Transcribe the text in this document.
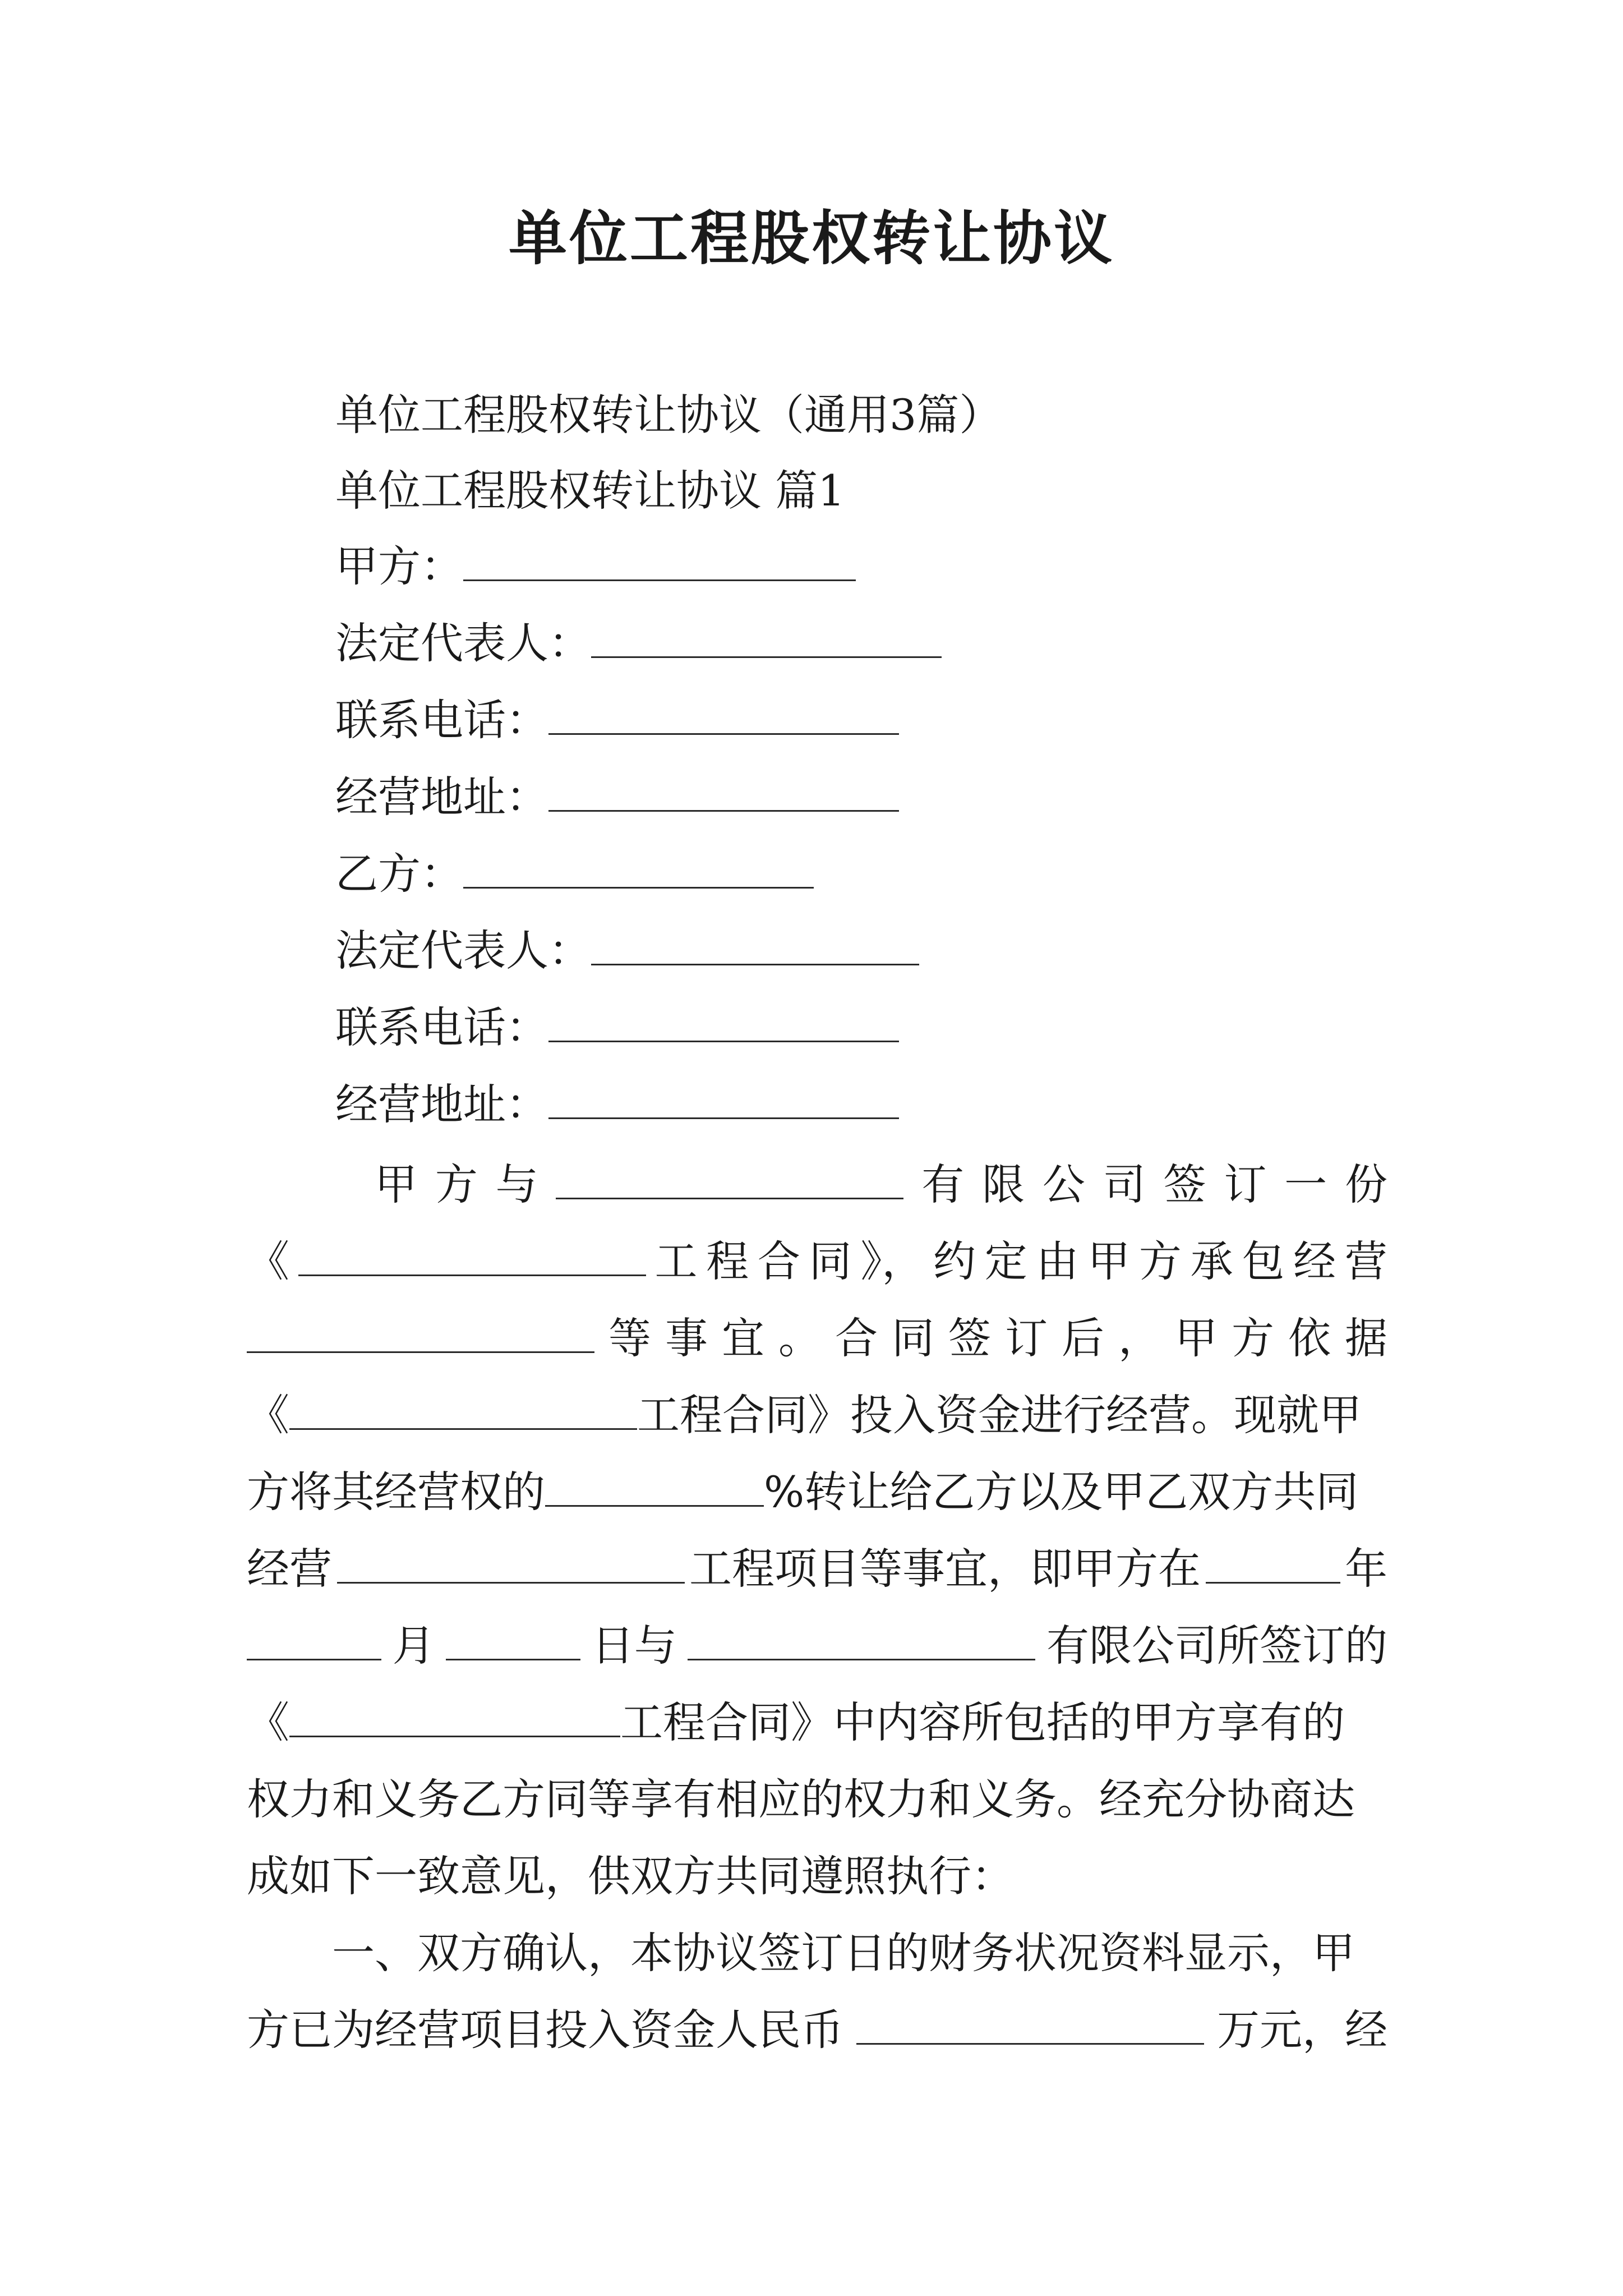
单位工程股权转让协议
单位工程股权转让协议（通用3篇）
单位工程股权转让协议 篇1
甲方：
法定代表人：
联系电话：
经营地址：
乙方：
法定代表人：
联系电话：
经营地址：
甲 方 与	有 限 公 司 签 订 一 份
《	工 程 合 同 》， 约 定 由 甲 方 承 包 经 营
等 事 宜 。 合 同 签 订 后 ， 甲 方 依 据
《	工程合同》投入资金进行经营。现就甲
方将其经营权的	%转让给乙方以及甲乙双方共同
经营	工程项目等事宜，即甲方在	年
月	日与	有限公司所签订的
《	工程合同》中内容所包括的甲方享有的
权力和义务乙方同等享有相应的权力和义务。经充分协商达
成如下一致意见，供双方共同遵照执行：
一、双方确认，本协议签订日的财务状况资料显示，甲
方已为经营项目投入资金人民币	万元，经
